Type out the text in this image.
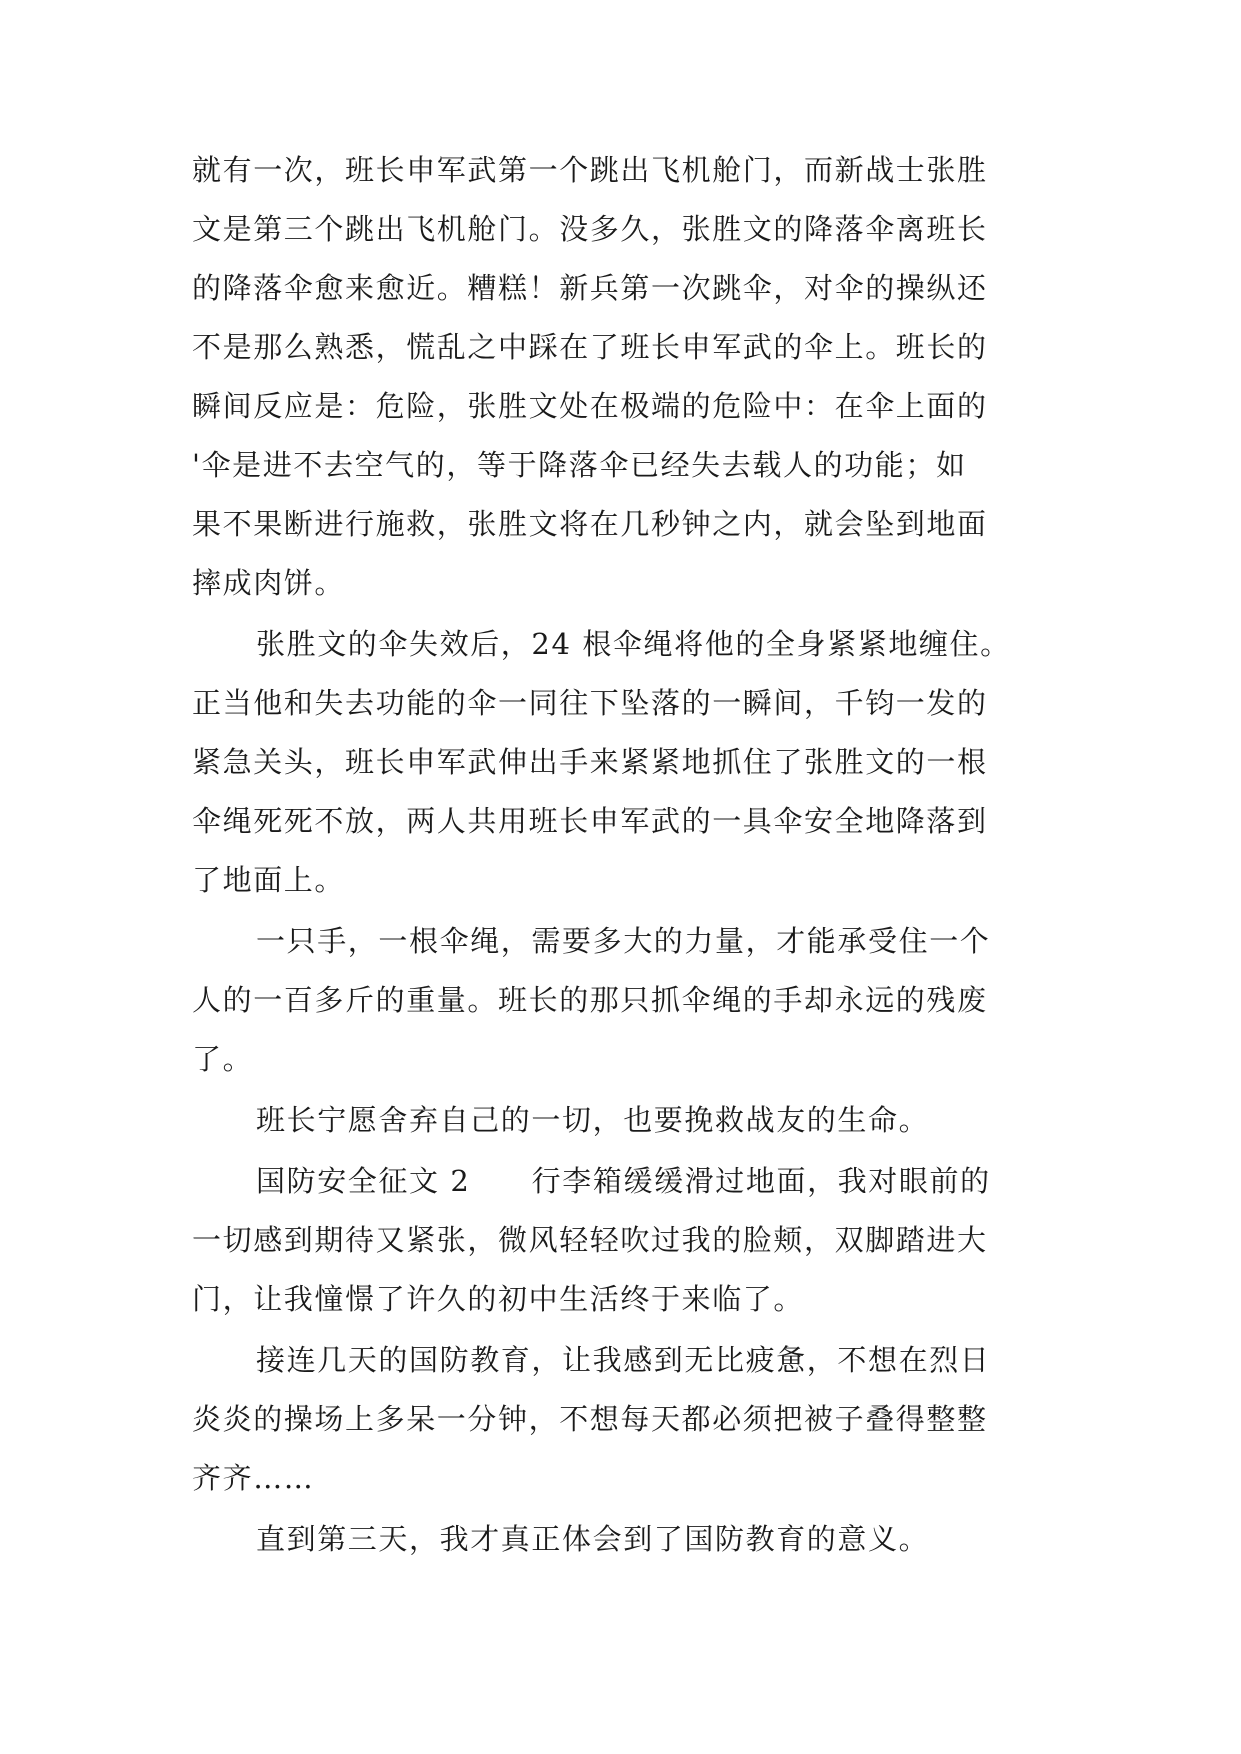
就有一次，班长申军武第一个跳出飞机舱门，而新战士张胜
文是第三个跳出飞机舱门。没多久，张胜文的降落伞离班长
的降落伞愈来愈近。糟糕！新兵第一次跳伞，对伞的操纵还
不是那么熟悉，慌乱之中踩在了班长申军武的伞上。班长的
瞬间反应是：危险，张胜文处在极端的危险中：在伞上面的
'伞是进不去空气的，等于降落伞已经失去载人的功能；如
果不果断进行施救，张胜文将在几秒钟之内，就会坠到地面
摔成肉饼。
张胜文的伞失效后，24 根伞绳将他的全身紧紧地缠住。
正当他和失去功能的伞一同往下坠落的一瞬间，千钧一发的
紧急关头，班长申军武伸出手来紧紧地抓住了张胜文的一根
伞绳死死不放，两人共用班长申军武的一具伞安全地降落到
了地面上。
一只手，一根伞绳，需要多大的力量，才能承受住一个
人的一百多斤的重量。班长的那只抓伞绳的手却永远的残废
了。
班长宁愿舍弃自己的一切，也要挽救战友的生命。
国防安全征文 2　　行李箱缓缓滑过地面，我对眼前的
一切感到期待又紧张，微风轻轻吹过我的脸颊，双脚踏进大
门，让我憧憬了许久的初中生活终于来临了。
接连几天的国防教育，让我感到无比疲惫，不想在烈日
炎炎的操场上多呆一分钟，不想每天都必须把被子叠得整整
齐齐……
直到第三天，我才真正体会到了国防教育的意义。
